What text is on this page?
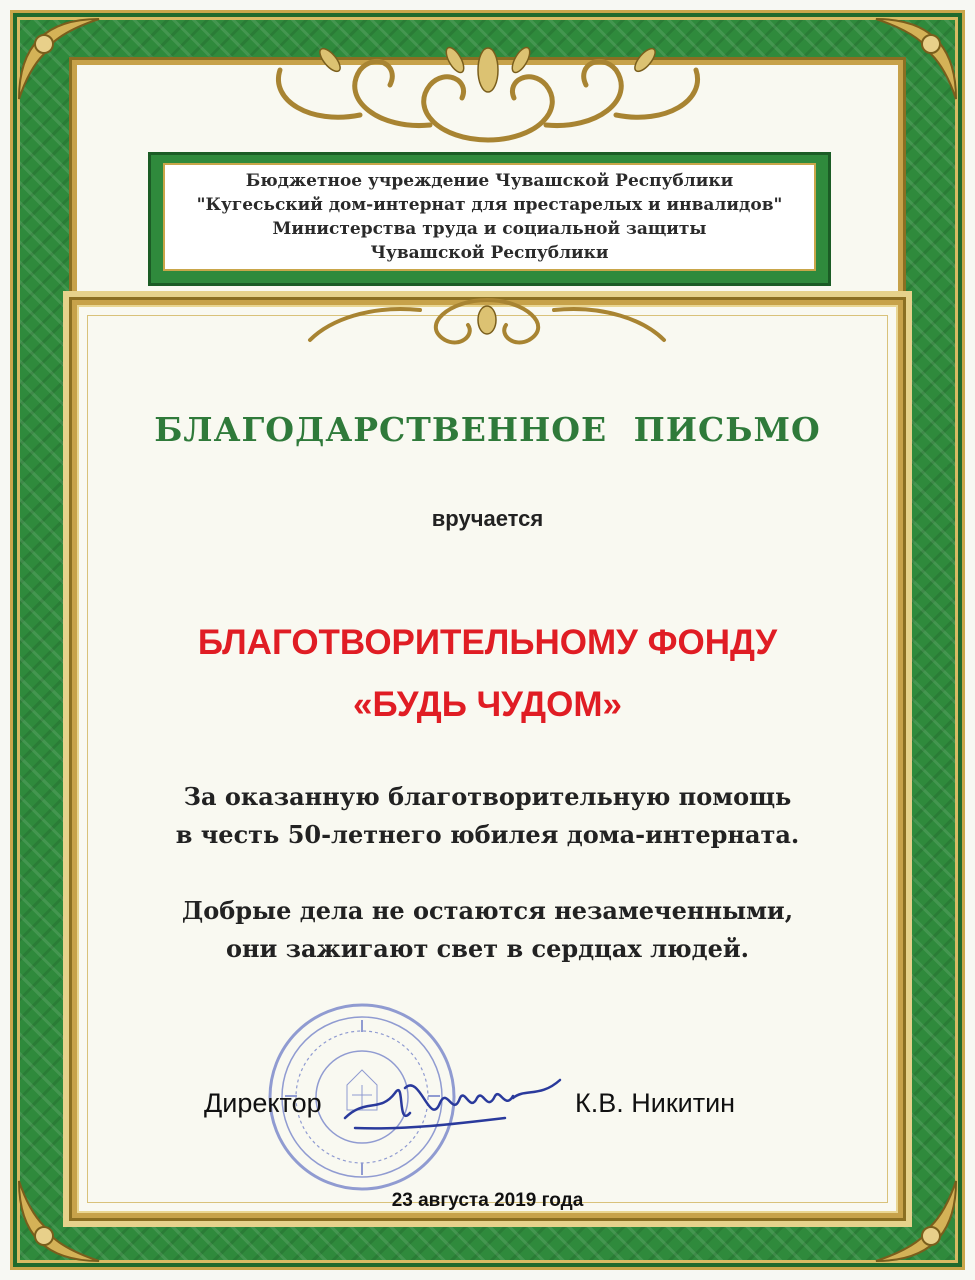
Бюджетное учреждение Чувашской Республики
"Кугесьский дом-интернат для престарелых и инвалидов"
Министерства труда и социальной защиты
Чувашской Республики
БЛАГОДАРСТВЕННОЕ ПИСЬМО
вручается
БЛАГОТВОРИТЕЛЬНОМУ ФОНДУ
«БУДЬ ЧУДОМ»
За оказанную благотворительную помощь
в честь 50-летнего юбилея дома-интерната.
Добрые дела не остаются незамеченными,
они зажигают свет в сердцах людей.
Директор	К.В. Никитин
23 августа 2019 года
